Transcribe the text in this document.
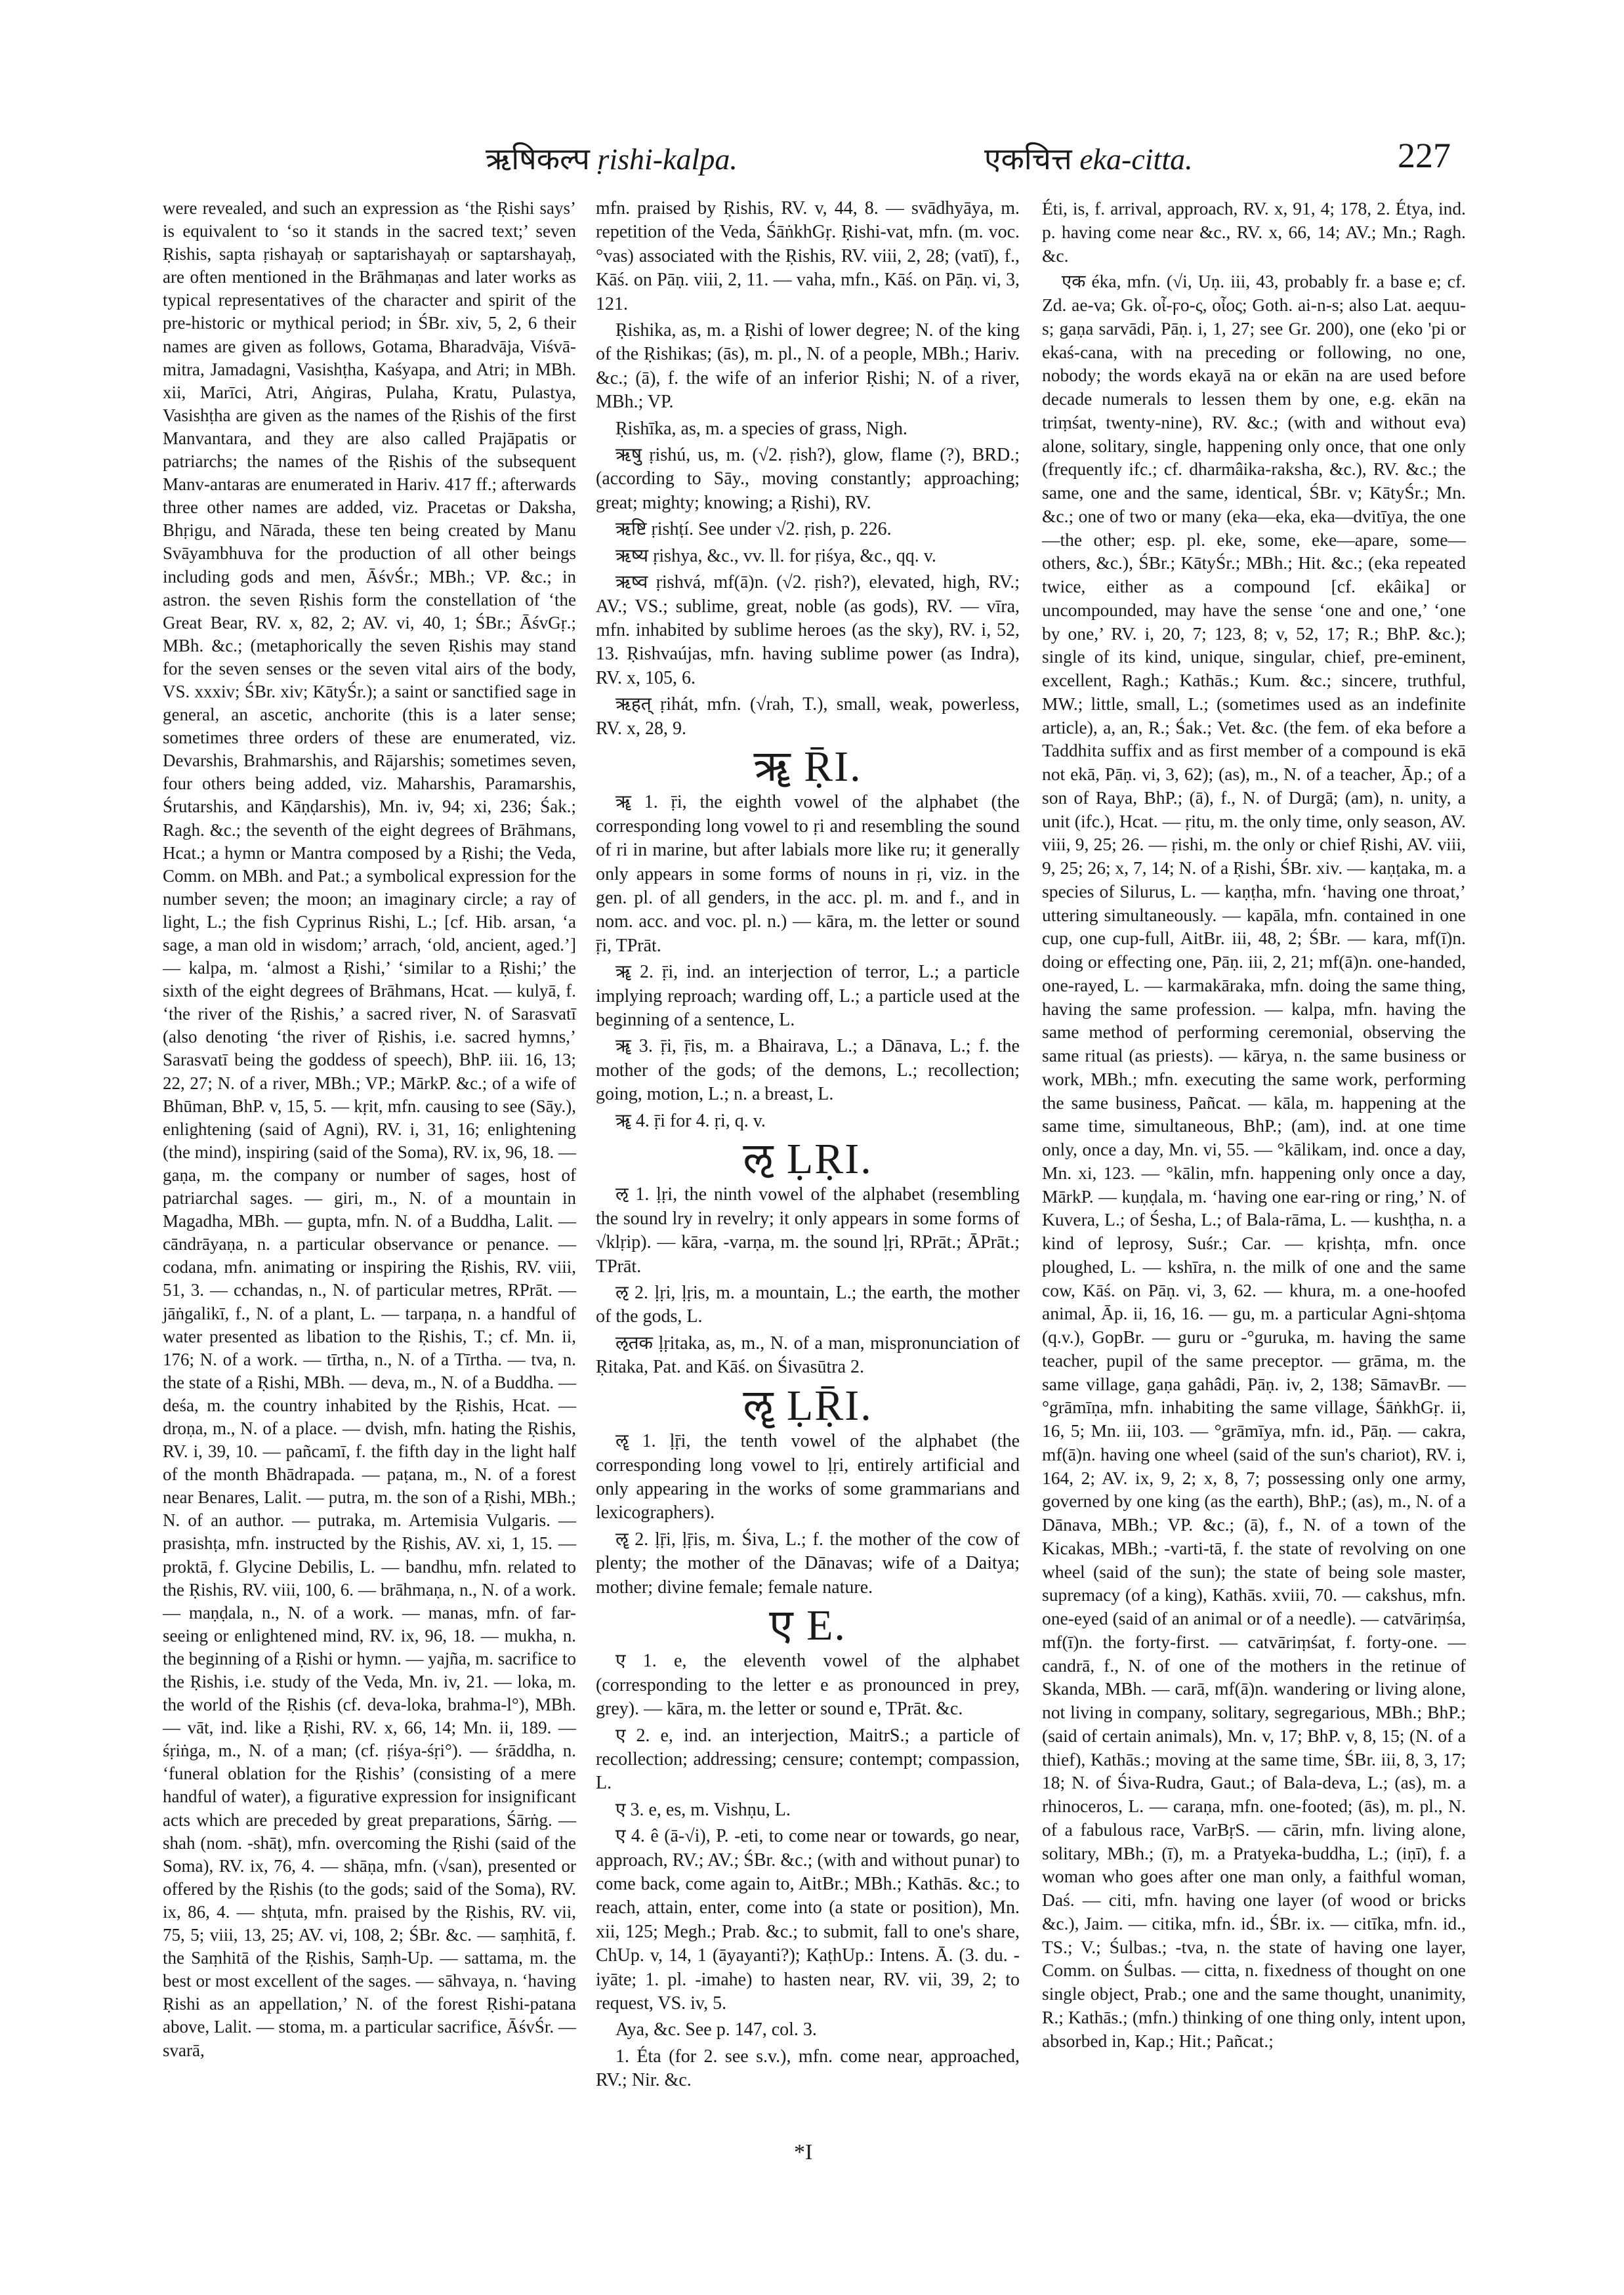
ऋषिकल्प ṛishi-kalpa.	एकचित्त eka-citta.	227

were revealed, and such an expression as ‘the Ṛishi says’ is equivalent to ‘so it stands in the sacred text;’ seven Ṛishis, sapta ṛishayaḥ or saptarishayaḥ or saptarshayaḥ, are often mentioned in the Brāhmaṇas and later works as typical representatives of the character and spirit of the pre-historic or mythical period; in ŚBr. xiv, 5, 2, 6 their names are given as follows, Gotama, Bharadvāja, Viśvā-mitra, Jamadagni, Vasishṭha, Kaśyapa, and Atri; in MBh. xii, Marīci, Atri, Aṅgiras, Pulaha, Kratu, Pulastya, Vasishṭha are given as the names of the Ṛishis of the first Manvantara, and they are also called Prajāpatis or patriarchs; the names of the Ṛishis of the subsequent Manv-antaras are enumerated in Hariv. 417 ff.; afterwards three other names are added, viz. Pracetas or Daksha, Bhṛigu, and Nārada, these ten being created by Manu Svāyambhuva for the production of all other beings including gods and men, ĀśvŚr.; MBh.; VP. &c.; in astron. the seven Ṛishis form the constellation of ‘the Great Bear, RV. x, 82, 2; AV. vi, 40, 1; ŚBr.; ĀśvGṛ.; MBh. &c.; (metaphorically the seven Ṛishis may stand for the seven senses or the seven vital airs of the body, VS. xxxiv; ŚBr. xiv; KātyŚr.); a saint or sanctified sage in general, an ascetic, anchorite (this is a later sense; sometimes three orders of these are enumerated, viz. Devarshis, Brahmarshis, and Rājarshis; sometimes seven, four others being added, viz. Maharshis, Paramarshis, Śrutarshis, and Kāṇḍarshis), Mn. iv, 94; xi, 236; Śak.; Ragh. &c.; the seventh of the eight degrees of Brāhmans, Hcat.; a hymn or Mantra composed by a Ṛishi; the Veda, Comm. on MBh. and Pat.; a symbolical expression for the number seven; the moon; an imaginary circle; a ray of light, L.; the fish Cyprinus Rishi, L.; [cf. Hib. arsan, ‘a sage, a man old in wisdom;’ arrach, ‘old, ancient, aged.’] — kalpa, m. ‘almost a Ṛishi,’ ‘similar to a Ṛishi;’ the sixth of the eight degrees of Brāhmans, Hcat. — kulyā, f. ‘the river of the Ṛishis,’ a sacred river, N. of Sarasvatī (also denoting ‘the river of Ṛishis, i.e. sacred hymns,’ Sarasvatī being the goddess of speech), BhP. iii. 16, 13; 22, 27; N. of a river, MBh.; VP.; MārkP. &c.; of a wife of Bhūman, BhP. v, 15, 5. — kṛit, mfn. causing to see (Sāy.), enlightening (said of Agni), RV. i, 31, 16; enlightening (the mind), inspiring (said of the Soma), RV. ix, 96, 18. — gaṇa, m. the company or number of sages, host of patriarchal sages. — giri, m., N. of a mountain in Magadha, MBh. — gupta, mfn. N. of a Buddha, Lalit. — cāndrāyaṇa, n. a particular observance or penance. — codana, mfn. animating or inspiring the Ṛishis, RV. viii, 51, 3. — cchandas, n., N. of particular metres, RPrāt. — jāṅgalikī, f., N. of a plant, L. — tarpaṇa, n. a handful of water presented as libation to the Ṛishis, T.; cf. Mn. ii, 176; N. of a work. — tīrtha, n., N. of a Tīrtha. — tva, n. the state of a Ṛishi, MBh. — deva, m., N. of a Buddha. — deśa, m. the country inhabited by the Ṛishis, Hcat. — droṇa, m., N. of a place. — dvish, mfn. hating the Ṛishis, RV. i, 39, 10. — pañcamī, f. the fifth day in the light half of the month Bhādrapada. — paṭana, m., N. of a forest near Benares, Lalit. — putra, m. the son of a Ṛishi, MBh.; N. of an author. — putraka, m. Artemisia Vulgaris. — prasishṭa, mfn. instructed by the Ṛishis, AV. xi, 1, 15. — proktā, f. Glycine Debilis, L. — bandhu, mfn. related to the Ṛishis, RV. viii, 100, 6. — brāhmaṇa, n., N. of a work. — maṇḍala, n., N. of a work. — manas, mfn. of far-seeing or enlightened mind, RV. ix, 96, 18. — mukha, n. the beginning of a Ṛishi or hymn. — yajña, m. sacrifice to the Ṛishis, i.e. study of the Veda, Mn. iv, 21. — loka, m. the world of the Ṛishis (cf. deva-loka, brahma-l°), MBh. — vāt, ind. like a Ṛishi, RV. x, 66, 14; Mn. ii, 189. — śṛiṅga, m., N. of a man; (cf. ṛiśya-śṛi°). — śrāddha, n. ‘funeral oblation for the Ṛishis’ (consisting of a mere handful of water), a figurative expression for insignificant acts which are preceded by great preparations, Śārṅg. — shah (nom. -shāṭ), mfn. overcoming the Ṛishi (said of the Soma), RV. ix, 76, 4. — shāṇa, mfn. (√san), presented or offered by the Ṛishis (to the gods; said of the Soma), RV. ix, 86, 4. — shṭuta, mfn. praised by the Ṛishis, RV. vii, 75, 5; viii, 13, 25; AV. vi, 108, 2; ŚBr. &c. — saṃhitā, f. the Saṃhitā of the Ṛishis, Saṃh-Up. — sattama, m. the best or most excellent of the sages. — sāhvaya, n. ‘having Ṛishi as an appellation,’ N. of the forest Ṛishi-patana above, Lalit. — stoma, m. a particular sacrifice, ĀśvŚr. — svarā,

mfn. praised by Ṛishis, RV. v, 44, 8. — svādhyāya, m. repetition of the Veda, ŚāṅkhGṛ. Ṛishi-vat, mfn. (m. voc. °vas) associated with the Ṛishis, RV. viii, 2, 28; (vatī), f., Kāś. on Pāṇ. viii, 2, 11. — vaha, mfn., Kāś. on Pāṇ. vi, 3, 121.

Ṛishika, as, m. a Ṛishi of lower degree; N. of the king of the Ṛishikas; (ās), m. pl., N. of a people, MBh.; Hariv. &c.; (ā), f. the wife of an inferior Ṛishi; N. of a river, MBh.; VP.

Ṛishīka, as, m. a species of grass, Nigh.

ऋषु ṛishú, us, m. (√2. ṛish?), glow, flame (?), BRD.; (according to Sāy., moving constantly; approaching; great; mighty; knowing; a Ṛishi), RV.

ऋष्टि ṛishṭí. See under √2. ṛish, p. 226.

ऋष्य ṛishya, &c., vv. ll. for ṛiśya, &c., qq. v.

ऋष्व ṛishvá, mf(ā)n. (√2. ṛish?), elevated, high, RV.; AV.; VS.; sublime, great, noble (as gods), RV. — vīra, mfn. inhabited by sublime heroes (as the sky), RV. i, 52, 13. Ṛishvaújas, mfn. having sublime power (as Indra), RV. x, 105, 6.

ऋहत् ṛihát, mfn. (√rah, T.), small, weak, powerless, RV. x, 28, 9.

ॠ ṜI.

ॠ 1. ṝi, the eighth vowel of the alphabet (the corresponding long vowel to ṛi and resembling the sound of ri in marine, but after labials more like ru; it generally only appears in some forms of nouns in ṛi, viz. in the gen. pl. of all genders, in the acc. pl. m. and f., and in nom. acc. and voc. pl. n.) — kāra, m. the letter or sound ṝi, TPrāt.

ॠ 2. ṝi, ind. an interjection of terror, L.; a particle implying reproach; warding off, L.; a particle used at the beginning of a sentence, L.

ॠ 3. ṝi, ṝis, m. a Bhairava, L.; a Dānava, L.; f. the mother of the gods; of the demons, L.; recollection; going, motion, L.; n. a breast, L.

ॠ 4. ṝi for 4. ṛi, q. v.

ऌ ḶṚI.

ऌ 1. ḷṛi, the ninth vowel of the alphabet (resembling the sound lry in revelry; it only appears in some forms of √klṛip). — kāra, -varṇa, m. the sound ḷṛi, RPrāt.; ĀPrāt.; TPrāt.

ऌ 2. ḷṛi, ḷṛis, m. a mountain, L.; the earth, the mother of the gods, L.

ऌतक ḷṛitaka, as, m., N. of a man, mispronunciation of Ṛitaka, Pat. and Kāś. on Śivasūtra 2.

ॡ ḶṜI.

ॡ 1. ḷṝi, the tenth vowel of the alphabet (the corresponding long vowel to ḷṛi, entirely artificial and only appearing in the works of some grammarians and lexicographers).

ॡ 2. ḷṝi, ḷṝis, m. Śiva, L.; f. the mother of the cow of plenty; the mother of the Dānavas; wife of a Daitya; mother; divine female; female nature.

ए E.

ए 1. e, the eleventh vowel of the alphabet (corresponding to the letter e as pronounced in prey, grey). — kāra, m. the letter or sound e, TPrāt. &c.

ए 2. e, ind. an interjection, MaitrS.; a particle of recollection; addressing; censure; contempt; compassion, L.

ए 3. e, es, m. Vishṇu, L.

ए 4. ê (ā-√i), P. -eti, to come near or towards, go near, approach, RV.; AV.; ŚBr. &c.; (with and without punar) to come back, come again to, AitBr.; MBh.; Kathās. &c.; to reach, attain, enter, come into (a state or position), Mn. xii, 125; Megh.; Prab. &c.; to submit, fall to one's share, ChUp. v, 14, 1 (āyayanti?); KaṭhUp.: Intens. Ā. (3. du. -iyāte; 1. pl. -imahe) to hasten near, RV. vii, 39, 2; to request, VS. iv, 5.

Aya, &c. See p. 147, col. 3.

1. Éta (for 2. see s.v.), mfn. come near, approached, RV.; Nir. &c.

Éti, is, f. arrival, approach, RV. x, 91, 4; 178, 2. Étya, ind. p. having come near &c., RV. x, 66, 14; AV.; Mn.; Ragh. &c.

एक éka, mfn. (√i, Uṇ. iii, 43, probably fr. a base e; cf. Zd. ae-va; Gk. οἶ-ϝο-ς, οἶος; Goth. ai-n-s; also Lat. aequu-s; gaṇa sarvādi, Pāṇ. i, 1, 27; see Gr. 200), one (eko 'pi or ekaś-cana, with na preceding or following, no one, nobody; the words ekayā na or ekān na are used before decade numerals to lessen them by one, e.g. ekān na triṃśat, twenty-nine), RV. &c.; (with and without eva) alone, solitary, single, happening only once, that one only (frequently ifc.; cf. dharmâika-raksha, &c.), RV. &c.; the same, one and the same, identical, ŚBr. v; KātyŚr.; Mn. &c.; one of two or many (eka—eka, eka—dvitīya, the one—the other; esp. pl. eke, some, eke—apare, some—others, &c.), ŚBr.; KātyŚr.; MBh.; Hit. &c.; (eka repeated twice, either as a compound [cf. ekâika] or uncompounded, may have the sense ‘one and one,’ ‘one by one,’ RV. i, 20, 7; 123, 8; v, 52, 17; R.; BhP. &c.); single of its kind, unique, singular, chief, pre-eminent, excellent, Ragh.; Kathās.; Kum. &c.; sincere, truthful, MW.; little, small, L.; (sometimes used as an indefinite article), a, an, R.; Śak.; Vet. &c. (the fem. of eka before a Taddhita suffix and as first member of a compound is ekā not ekā, Pāṇ. vi, 3, 62); (as), m., N. of a teacher, Āp.; of a son of Raya, BhP.; (ā), f., N. of Durgā; (am), n. unity, a unit (ifc.), Hcat. — ṛitu, m. the only time, only season, AV. viii, 9, 25; 26. — ṛishi, m. the only or chief Ṛishi, AV. viii, 9, 25; 26; x, 7, 14; N. of a Ṛishi, ŚBr. xiv. — kaṇṭaka, m. a species of Silurus, L. — kaṇṭha, mfn. ‘having one throat,’ uttering simultaneously. — kapāla, mfn. contained in one cup, one cup-full, AitBr. iii, 48, 2; ŚBr. — kara, mf(ī)n. doing or effecting one, Pāṇ. iii, 2, 21; mf(ā)n. one-handed, one-rayed, L. — karmakāraka, mfn. doing the same thing, having the same profession. — kalpa, mfn. having the same method of performing ceremonial, observing the same ritual (as priests). — kārya, n. the same business or work, MBh.; mfn. executing the same work, performing the same business, Pañcat. — kāla, m. happening at the same time, simultaneous, BhP.; (am), ind. at one time only, once a day, Mn. vi, 55. — °kālikam, ind. once a day, Mn. xi, 123. — °kālin, mfn. happening only once a day, MārkP. — kuṇḍala, m. ‘having one ear-ring or ring,’ N. of Kuvera, L.; of Śesha, L.; of Bala-rāma, L. — kushṭha, n. a kind of leprosy, Suśr.; Car. — kṛishṭa, mfn. once ploughed, L. — kshīra, n. the milk of one and the same cow, Kāś. on Pāṇ. vi, 3, 62. — khura, m. a one-hoofed animal, Āp. ii, 16, 16. — gu, m. a particular Agni-shṭoma (q.v.), GopBr. — guru or -°guruka, m. having the same teacher, pupil of the same preceptor. — grāma, m. the same village, gaṇa gahâdi, Pāṇ. iv, 2, 138; SāmavBr. — °grāmīṇa, mfn. inhabiting the same village, ŚāṅkhGṛ. ii, 16, 5; Mn. iii, 103. — °grāmīya, mfn. id., Pāṇ. — cakra, mf(ā)n. having one wheel (said of the sun's chariot), RV. i, 164, 2; AV. ix, 9, 2; x, 8, 7; possessing only one army, governed by one king (as the earth), BhP.; (as), m., N. of a Dānava, MBh.; VP. &c.; (ā), f., N. of a town of the Kicakas, MBh.; -varti-tā, f. the state of revolving on one wheel (said of the sun); the state of being sole master, supremacy (of a king), Kathās. xviii, 70. — cakshus, mfn. one-eyed (said of an animal or of a needle). — catvāriṃśa, mf(ī)n. the forty-first. — catvāriṃśat, f. forty-one. — candrā, f., N. of one of the mothers in the retinue of Skanda, MBh. — carā, mf(ā)n. wandering or living alone, not living in company, solitary, segregarious, MBh.; BhP.; (said of certain animals), Mn. v, 17; BhP. v, 8, 15; (N. of a thief), Kathās.; moving at the same time, ŚBr. iii, 8, 3, 17; 18; N. of Śiva-Rudra, Gaut.; of Bala-deva, L.; (as), m. a rhinoceros, L. — caraṇa, mfn. one-footed; (ās), m. pl., N. of a fabulous race, VarBṛS. — cārin, mfn. living alone, solitary, MBh.; (ī), m. a Pratyeka-buddha, L.; (iṇī), f. a woman who goes after one man only, a faithful woman, Daś. — citi, mfn. having one layer (of wood or bricks &c.), Jaim. — citika, mfn. id., ŚBr. ix. — citīka, mfn. id., TS.; V.; Śulbas.; -tva, n. the state of having one layer, Comm. on Śulbas. — citta, n. fixedness of thought on one single object, Prab.; one and the same thought, unanimity, R.; Kathās.; (mfn.) thinking of one thing only, intent upon, absorbed in, Kap.; Hit.; Pañcat.;

*I
